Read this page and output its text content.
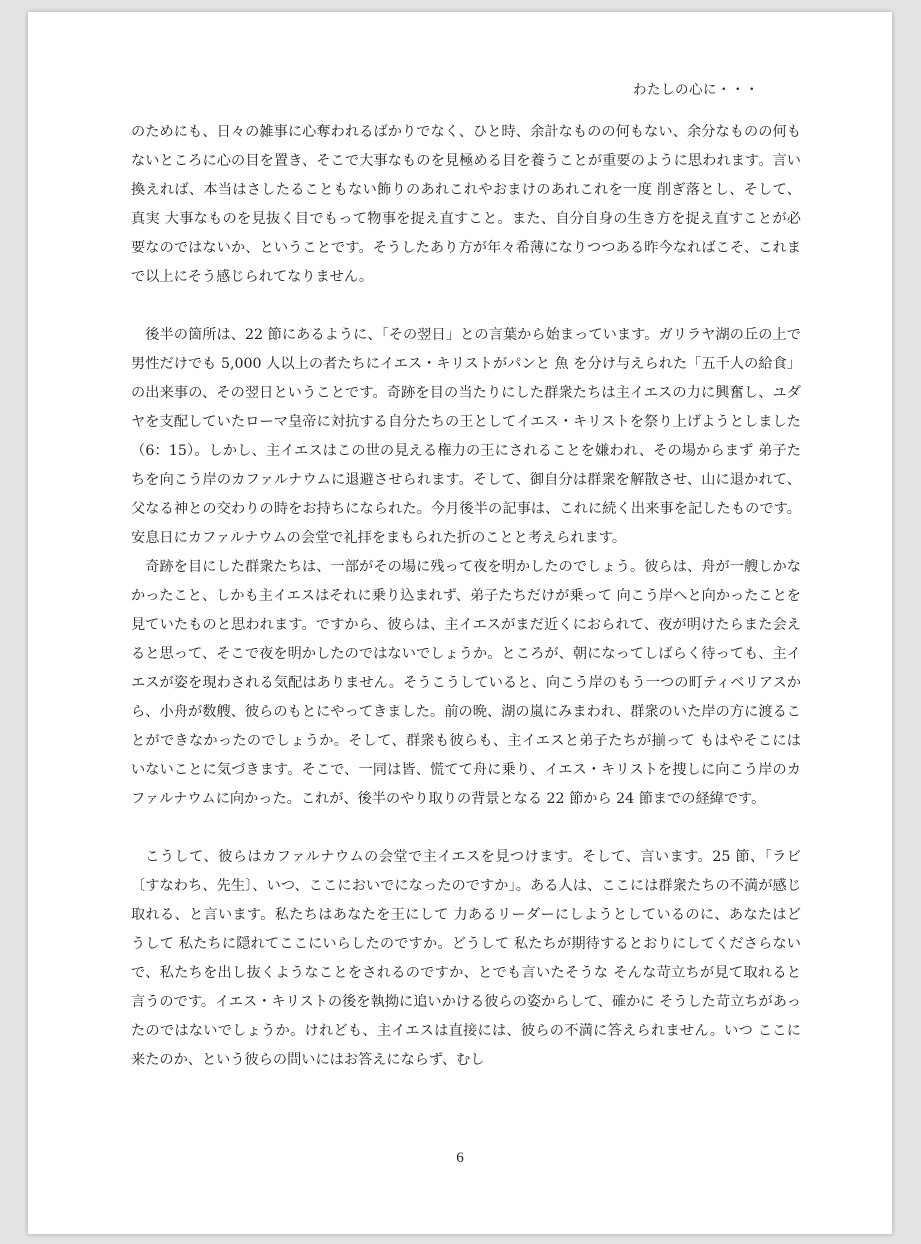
わたしの心に・・・

のためにも、日々の雑事に心奪われるばかりでなく、ひと時、余計なものの何もない、余分なものの何もないところに心の目を置き、そこで大事なものを見極める目を養うことが重要のように思われます。言い換えれば、本当はさしたることもない飾りのあれこれやおまけのあれこれを一度 削ぎ落とし、そして、真実 大事なものを見抜く目でもって物事を捉え直すこと。また、自分自身の生き方を捉え直すことが必要なのではないか、ということです。そうしたあり方が年々希薄になりつつある昨今なればこそ、これまで以上にそう感じられてなりません。

後半の箇所は、22 節にあるように、「その翌日」との言葉から始まっています。ガリラヤ湖の丘の上で 男性だけでも 5,000 人以上の者たちにイエス・キリストがパンと 魚 を分け与えられた「五千人の給食」の出来事の、その翌日ということです。奇跡を目の当たりにした群衆たちは主イエスの力に興奮し、ユダヤを支配していたローマ皇帝に対抗する自分たちの王としてイエス・キリストを祭り上げようとしました（6：15）。しかし、主イエスはこの世の見える権力の王にされることを嫌われ、その場からまず 弟子たちを向こう岸のカファルナウムに退避させられます。そして、御自分は群衆を解散させ、山に退かれて、父なる神との交わりの時をお持ちになられた。今月後半の記事は、これに続く出来事を記したものです。安息日にカファルナウムの会堂で礼拝をまもられた折のことと考えられます。

奇跡を目にした群衆たちは、一部がその場に残って夜を明かしたのでしょう。彼らは、舟が一艘しかなかったこと、しかも主イエスはそれに乗り込まれず、弟子たちだけが乗って 向こう岸へと向かったことを見ていたものと思われます。ですから、彼らは、主イエスがまだ近くにおられて、夜が明けたらまた会えると思って、そこで夜を明かしたのではないでしょうか。ところが、朝になってしばらく待っても、主イエスが姿を現わされる気配はありません。そうこうしていると、向こう岸のもう一つの町ティベリアスから、小舟が数艘、彼らのもとにやってきました。前の晩、湖の嵐にみまわれ、群衆のいた岸の方に渡ることができなかったのでしょうか。そして、群衆も彼らも、主イエスと弟子たちが揃って もはやそこにはいないことに気づきます。そこで、一同は皆、慌てて舟に乗り、イエス・キリストを捜しに向こう岸のカファルナウムに向かった。これが、後半のやり取りの背景となる 22 節から 24 節までの経緯です。

こうして、彼らはカファルナウムの会堂で主イエスを見つけます。そして、言います。25 節、「ラビ〔すなわち、先生〕、いつ、ここにおいでになったのですか」。ある人は、ここには群衆たちの不満が感じ取れる、と言います。私たちはあなたを王にして 力あるリーダーにしようとしているのに、あなたはどうして 私たちに隠れてここにいらしたのですか。どうして 私たちが期待するとおりにしてくださらないで、私たちを出し抜くようなことをされるのですか、とでも言いたそうな そんな苛立ちが見て取れると言うのです。イエス・キリストの後を執拗に追いかける彼らの姿からして、確かに そうした苛立ちがあったのではないでしょうか。けれども、主イエスは直接には、彼らの不満に答えられません。いつ ここに来たのか、という彼らの問いにはお答えにならず、むし

6
